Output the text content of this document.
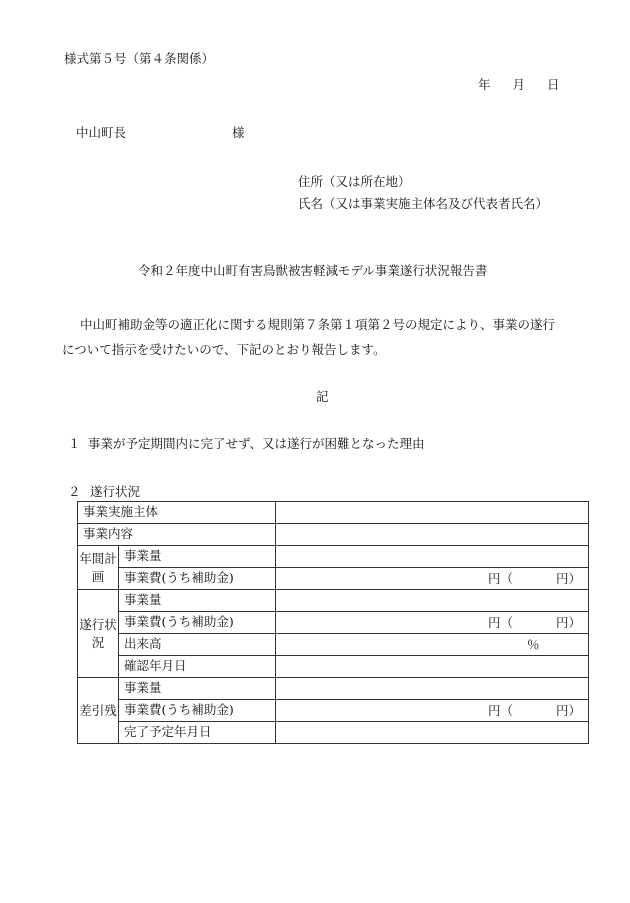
様式第５号（第４条関係）
年 月 日
中山町長	様
住所（又は所在地）
氏名（又は事業実施主体名及び代表者氏名）
令和２年度中山町有害鳥獣被害軽減モデル事業遂行状況報告書
中山町補助金等の適正化に関する規則第７条第１項第２号の規定により、事業の遂行
について指示を受けたいので、下記のとおり報告します。
記
１ 事業が予定期間内に完了せず、又は遂行が困難となった理由
２ 遂行状況
事業実施主体		
事業内容		
年間計画	事業量	
	事業費(うち補助金)	円（ 円）

遂行状況	事業量	
	事業費(うち補助金)	円（ 円）

	出来高	％

	確認年月日	
差引残	事業量	
	事業費(うち補助金)	円（ 円）

	完了予定年月日	
